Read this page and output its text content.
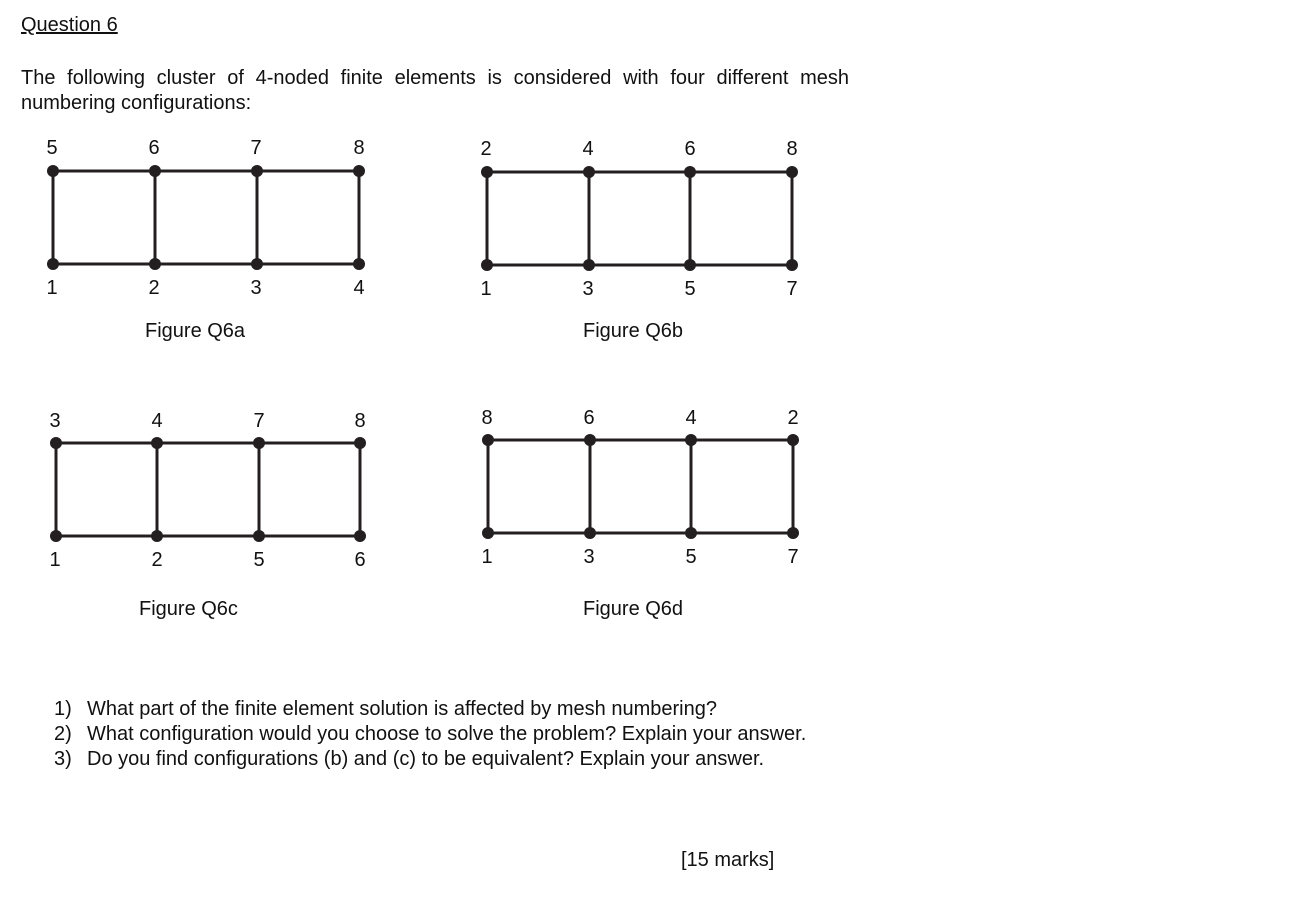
Question 6
The following cluster of 4-noded finite elements is considered with four different mesh numbering configurations:
5	6	7	8
1	2	3	4
Figure Q6a
2	4	6	8
1	3	5	7
Figure Q6b
3	4	7	8
1	2	5	6
Figure Q6c
8	6	4	2
1	3	5	7
Figure Q6d
1) What part of the finite element solution is affected by mesh numbering?
2) What configuration would you choose to solve the problem? Explain your answer.
3) Do you find configurations (b) and (c) to be equivalent? Explain your answer.
[15 marks]
